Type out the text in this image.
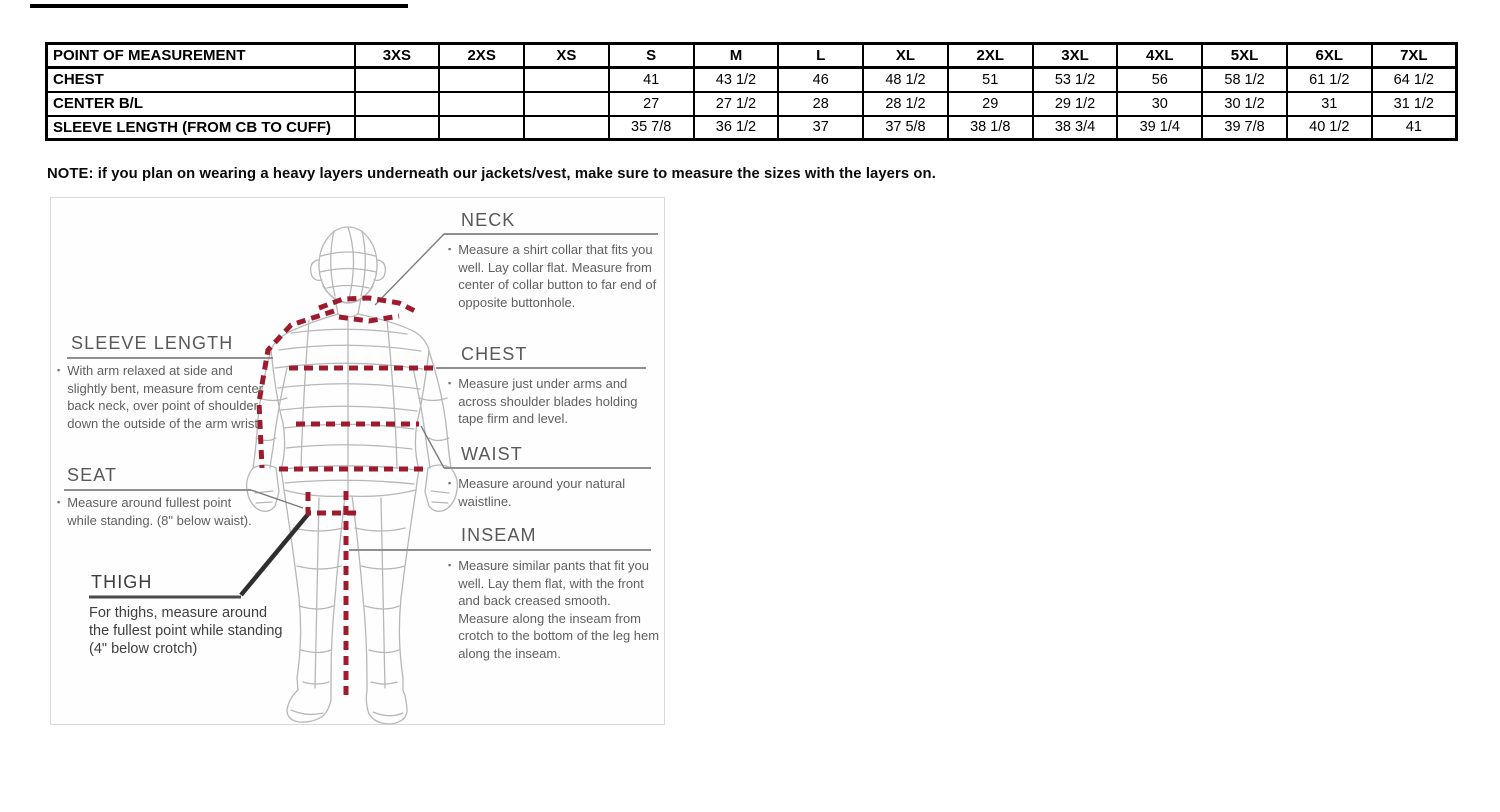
POINT OF MEASUREMENT	3XS	2XS	XS	S	M	L	XL	2XL	3XL	4XL	5XL	6XL	7XL
CHEST				41	43 1/2	46	48 1/2	51	53 1/2	56	58 1/2	61 1/2	64 1/2
CENTER B/L				27	27 1/2	28	28 1/2	29	29 1/2	30	30 1/2	31	31 1/2
SLEEVE LENGTH (FROM CB TO CUFF)				35 7/8	36 1/2	37	37 5/8	38 1/8	38 3/4	39 1/4	39 7/8	40 1/2	41
NOTE: if you plan on wearing a heavy layers underneath our jackets/vest, make sure to measure the sizes with the layers on.
NECK
▪ Measure a shirt collar that fits you well. Lay collar flat. Measure from center of collar button to far end of opposite buttonhole.
CHEST
▪ Measure just under arms and across shoulder blades holding tape firm and level.
WAIST
▪ Measure around your natural waistline.
INSEAM
▪ Measure similar pants that fit you well. Lay them flat, with the front and back creased smooth. Measure along the inseam from crotch to the bottom of the leg hem along the inseam.
SLEEVE LENGTH
▪ With arm relaxed at side and slightly bent, measure from center back neck, over point of shoulder, down the outside of the arm wrist.
SEAT
▪ Measure around fullest point while standing. (8" below waist).
THIGH
For thighs, measure around the fullest point while standing (4" below crotch)
